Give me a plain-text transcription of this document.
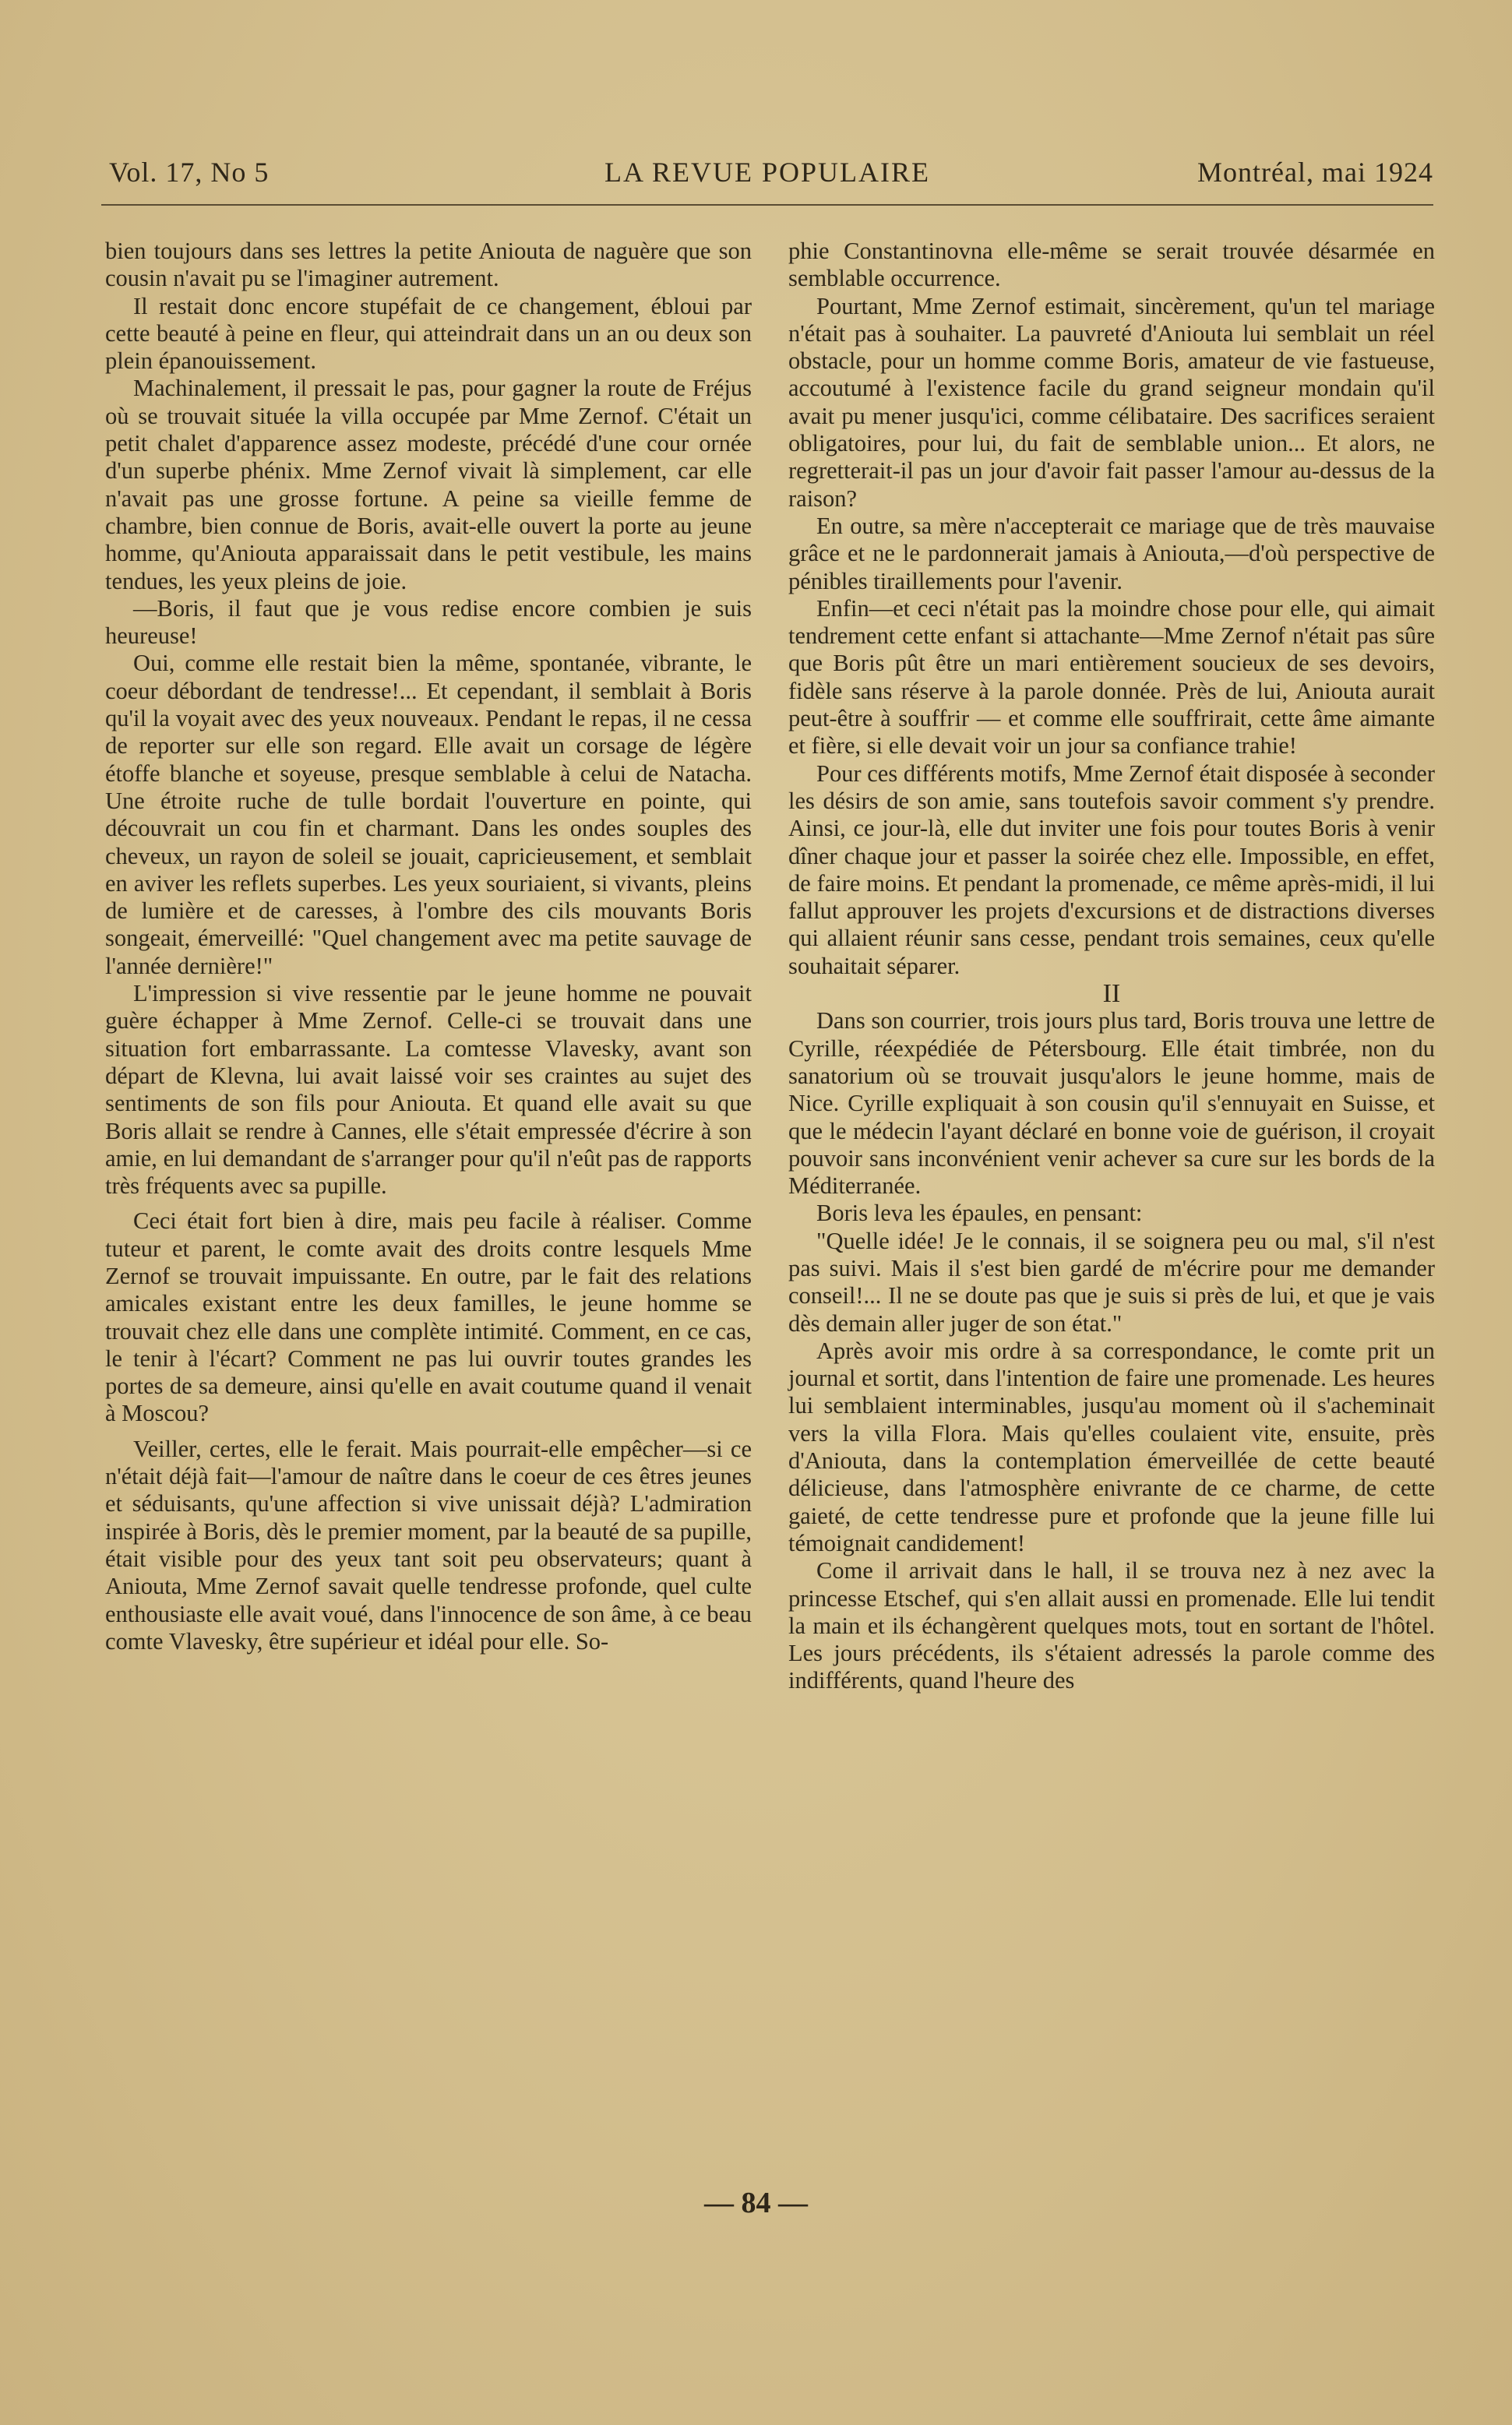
Vol. 17, No 5	LA REVUE POPULAIRE	Montréal, mai 1924

bien toujours dans ses lettres la petite Aniouta de naguère que son cousin n'avait pu se l'imaginer autrement.

Il restait donc encore stupéfait de ce changement, ébloui par cette beauté à peine en fleur, qui atteindrait dans un an ou deux son plein épanouissement.

Machinalement, il pressait le pas, pour gagner la route de Fréjus où se trouvait située la villa occupée par Mme Zernof. C'était un petit chalet d'apparence assez modeste, précédé d'une cour ornée d'un superbe phénix. Mme Zernof vivait là simplement, car elle n'avait pas une grosse fortune. A peine sa vieille femme de chambre, bien connue de Boris, avait-elle ouvert la porte au jeune homme, qu'Aniouta apparaissait dans le petit vestibule, les mains tendues, les yeux pleins de joie.

—Boris, il faut que je vous redise encore combien je suis heureuse!

Oui, comme elle restait bien la même, spontanée, vibrante, le coeur débordant de tendresse!... Et cependant, il semblait à Boris qu'il la voyait avec des yeux nouveaux. Pendant le repas, il ne cessa de reporter sur elle son regard. Elle avait un corsage de légère étoffe blanche et soyeuse, presque semblable à celui de Natacha. Une étroite ruche de tulle bordait l'ouverture en pointe, qui découvrait un cou fin et charmant. Dans les ondes souples des cheveux, un rayon de soleil se jouait, capricieusement, et semblait en aviver les reflets superbes. Les yeux souriaient, si vivants, pleins de lumière et de caresses, à l'ombre des cils mouvants Boris songeait, émerveillé: "Quel changement avec ma petite sauvage de l'année dernière!"

L'impression si vive ressentie par le jeune homme ne pouvait guère échapper à Mme Zernof. Celle-ci se trouvait dans une situation fort embarrassante. La comtesse Vlavesky, avant son départ de Klevna, lui avait laissé voir ses craintes au sujet des sentiments de son fils pour Aniouta. Et quand elle avait su que Boris allait se rendre à Cannes, elle s'était empressée d'écrire à son amie, en lui demandant de s'arranger pour qu'il n'eût pas de rapports très fréquents avec sa pupille.

Ceci était fort bien à dire, mais peu facile à réaliser. Comme tuteur et parent, le comte avait des droits contre lesquels Mme Zernof se trouvait impuissante. En outre, par le fait des relations amicales existant entre les deux familles, le jeune homme se trouvait chez elle dans une complète intimité. Comment, en ce cas, le tenir à l'écart? Comment ne pas lui ouvrir toutes grandes les portes de sa demeure, ainsi qu'elle en avait coutume quand il venait à Moscou?

Veiller, certes, elle le ferait. Mais pourrait-elle empêcher—si ce n'était déjà fait—l'amour de naître dans le coeur de ces êtres jeunes et séduisants, qu'une affection si vive unissait déjà? L'admiration inspirée à Boris, dès le premier moment, par la beauté de sa pupille, était visible pour des yeux tant soit peu observateurs; quant à Aniouta, Mme Zernof savait quelle tendresse profonde, quel culte enthousiaste elle avait voué, dans l'innocence de son âme, à ce beau comte Vlavesky, être supérieur et idéal pour elle. So-

phie Constantinovna elle-même se serait trouvée désarmée en semblable occurrence.

Pourtant, Mme Zernof estimait, sincèrement, qu'un tel mariage n'était pas à souhaiter. La pauvreté d'Aniouta lui semblait un réel obstacle, pour un homme comme Boris, amateur de vie fastueuse, accoutumé à l'existence facile du grand seigneur mondain qu'il avait pu mener jusqu'ici, comme célibataire. Des sacrifices seraient obligatoires, pour lui, du fait de semblable union... Et alors, ne regretterait-il pas un jour d'avoir fait passer l'amour au-dessus de la raison?

En outre, sa mère n'accepterait ce mariage que de très mauvaise grâce et ne le pardonnerait jamais à Aniouta,—d'où perspective de pénibles tiraillements pour l'avenir.

Enfin—et ceci n'était pas la moindre chose pour elle, qui aimait tendrement cette enfant si attachante—Mme Zernof n'était pas sûre que Boris pût être un mari entièrement soucieux de ses devoirs, fidèle sans réserve à la parole donnée. Près de lui, Aniouta aurait peut-être à souffrir — et comme elle souffrirait, cette âme aimante et fière, si elle devait voir un jour sa confiance trahie!

Pour ces différents motifs, Mme Zernof était disposée à seconder les désirs de son amie, sans toutefois savoir comment s'y prendre. Ainsi, ce jour-là, elle dut inviter une fois pour toutes Boris à venir dîner chaque jour et passer la soirée chez elle. Impossible, en effet, de faire moins. Et pendant la promenade, ce même après-midi, il lui fallut approuver les projets d'excursions et de distractions diverses qui allaient réunir sans cesse, pendant trois semaines, ceux qu'elle souhaitait séparer.

II

Dans son courrier, trois jours plus tard, Boris trouva une lettre de Cyrille, réexpédiée de Pétersbourg. Elle était timbrée, non du sanatorium où se trouvait jusqu'alors le jeune homme, mais de Nice. Cyrille expliquait à son cousin qu'il s'ennuyait en Suisse, et que le médecin l'ayant déclaré en bonne voie de guérison, il croyait pouvoir sans inconvénient venir achever sa cure sur les bords de la Méditerranée.

Boris leva les épaules, en pensant:

"Quelle idée! Je le connais, il se soignera peu ou mal, s'il n'est pas suivi. Mais il s'est bien gardé de m'écrire pour me demander conseil!... Il ne se doute pas que je suis si près de lui, et que je vais dès demain aller juger de son état."

Après avoir mis ordre à sa correspondance, le comte prit un journal et sortit, dans l'intention de faire une promenade. Les heures lui semblaient interminables, jusqu'au moment où il s'acheminait vers la villa Flora. Mais qu'elles coulaient vite, ensuite, près d'Aniouta, dans la contemplation émerveillée de cette beauté délicieuse, dans l'atmosphère enivrante de ce charme, de cette gaieté, de cette tendresse pure et profonde que la jeune fille lui témoignait candidement!

Come il arrivait dans le hall, il se trouva nez à nez avec la princesse Etschef, qui s'en allait aussi en promenade. Elle lui tendit la main et ils échangèrent quelques mots, tout en sortant de l'hôtel. Les jours précédents, ils s'étaient adressés la parole comme des indifférents, quand l'heure des

— 84 —
